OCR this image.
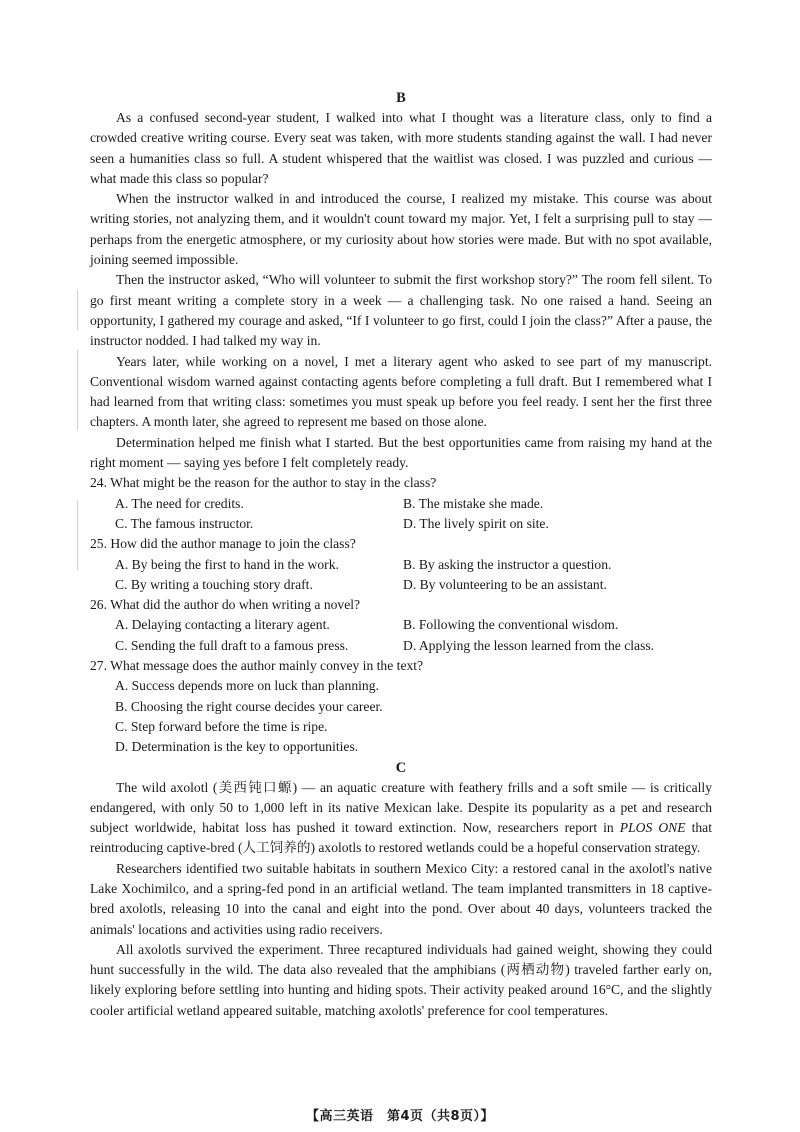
B

As a confused second-year student, I walked into what I thought was a literature class, only to find a crowded creative writing course. Every seat was taken, with more students standing against the wall. I had never seen a humanities class so full. A student whispered that the waitlist was closed. I was puzzled and curious — what made this class so popular?

When the instructor walked in and introduced the course, I realized my mistake. This course was about writing stories, not analyzing them, and it wouldn't count toward my major. Yet, I felt a surprising pull to stay — perhaps from the energetic atmosphere, or my curiosity about how stories were made. But with no spot available, joining seemed impossible.

Then the instructor asked, “Who will volunteer to submit the first workshop story?” The room fell silent. To go first meant writing a complete story in a week — a challenging task. No one raised a hand. Seeing an opportunity, I gathered my courage and asked, “If I volunteer to go first, could I join the class?” After a pause, the instructor nodded. I had talked my way in.

Years later, while working on a novel, I met a literary agent who asked to see part of my manuscript. Conventional wisdom warned against contacting agents before completing a full draft. But I remembered what I had learned from that writing class: sometimes you must speak up before you feel ready. I sent her the first three chapters. A month later, she agreed to represent me based on those alone.

Determination helped me finish what I started. But the best opportunities came from raising my hand at the right moment — saying yes before I felt completely ready.

24. What might be the reason for the author to stay in the class?

A. The need for credits.	B. The mistake she made.
C. The famous instructor.	D. The lively spirit on site.

25. How did the author manage to join the class?

A. By being the first to hand in the work.	B. By asking the instructor a question.
C. By writing a touching story draft.	D. By volunteering to be an assistant.

26. What did the author do when writing a novel?

A. Delaying contacting a literary agent.	B. Following the conventional wisdom.
C. Sending the full draft to a famous press.	D. Applying the lesson learned from the class.

27. What message does the author mainly convey in the text?

A. Success depends more on luck than planning.
B. Choosing the right course decides your career.
C. Step forward before the time is ripe.
D. Determination is the key to opportunities.

C

The wild axolotl (美西钝口螈) — an aquatic creature with feathery frills and a soft smile — is critically endangered, with only 50 to 1,000 left in its native Mexican lake. Despite its popularity as a pet and research subject worldwide, habitat loss has pushed it toward extinction. Now, researchers report in PLOS ONE that reintroducing captive-bred (人工饲养的) axolotls to restored wetlands could be a hopeful conservation strategy.

Researchers identified two suitable habitats in southern Mexico City: a restored canal in the axolotl's native Lake Xochimilco, and a spring-fed pond in an artificial wetland. The team implanted transmitters in 18 captive-bred axolotls, releasing 10 into the canal and eight into the pond. Over about 40 days, volunteers tracked the animals' locations and activities using radio receivers.

All axolotls survived the experiment. Three recaptured individuals had gained weight, showing they could hunt successfully in the wild. The data also revealed that the amphibians (两栖动物) traveled farther early on, likely exploring before settling into hunting and hiding spots. Their activity peaked around 16°C, and the slightly cooler artificial wetland appeared suitable, matching axolotls' preference for cool temperatures.

【高三英语　第4页（共8页）】
